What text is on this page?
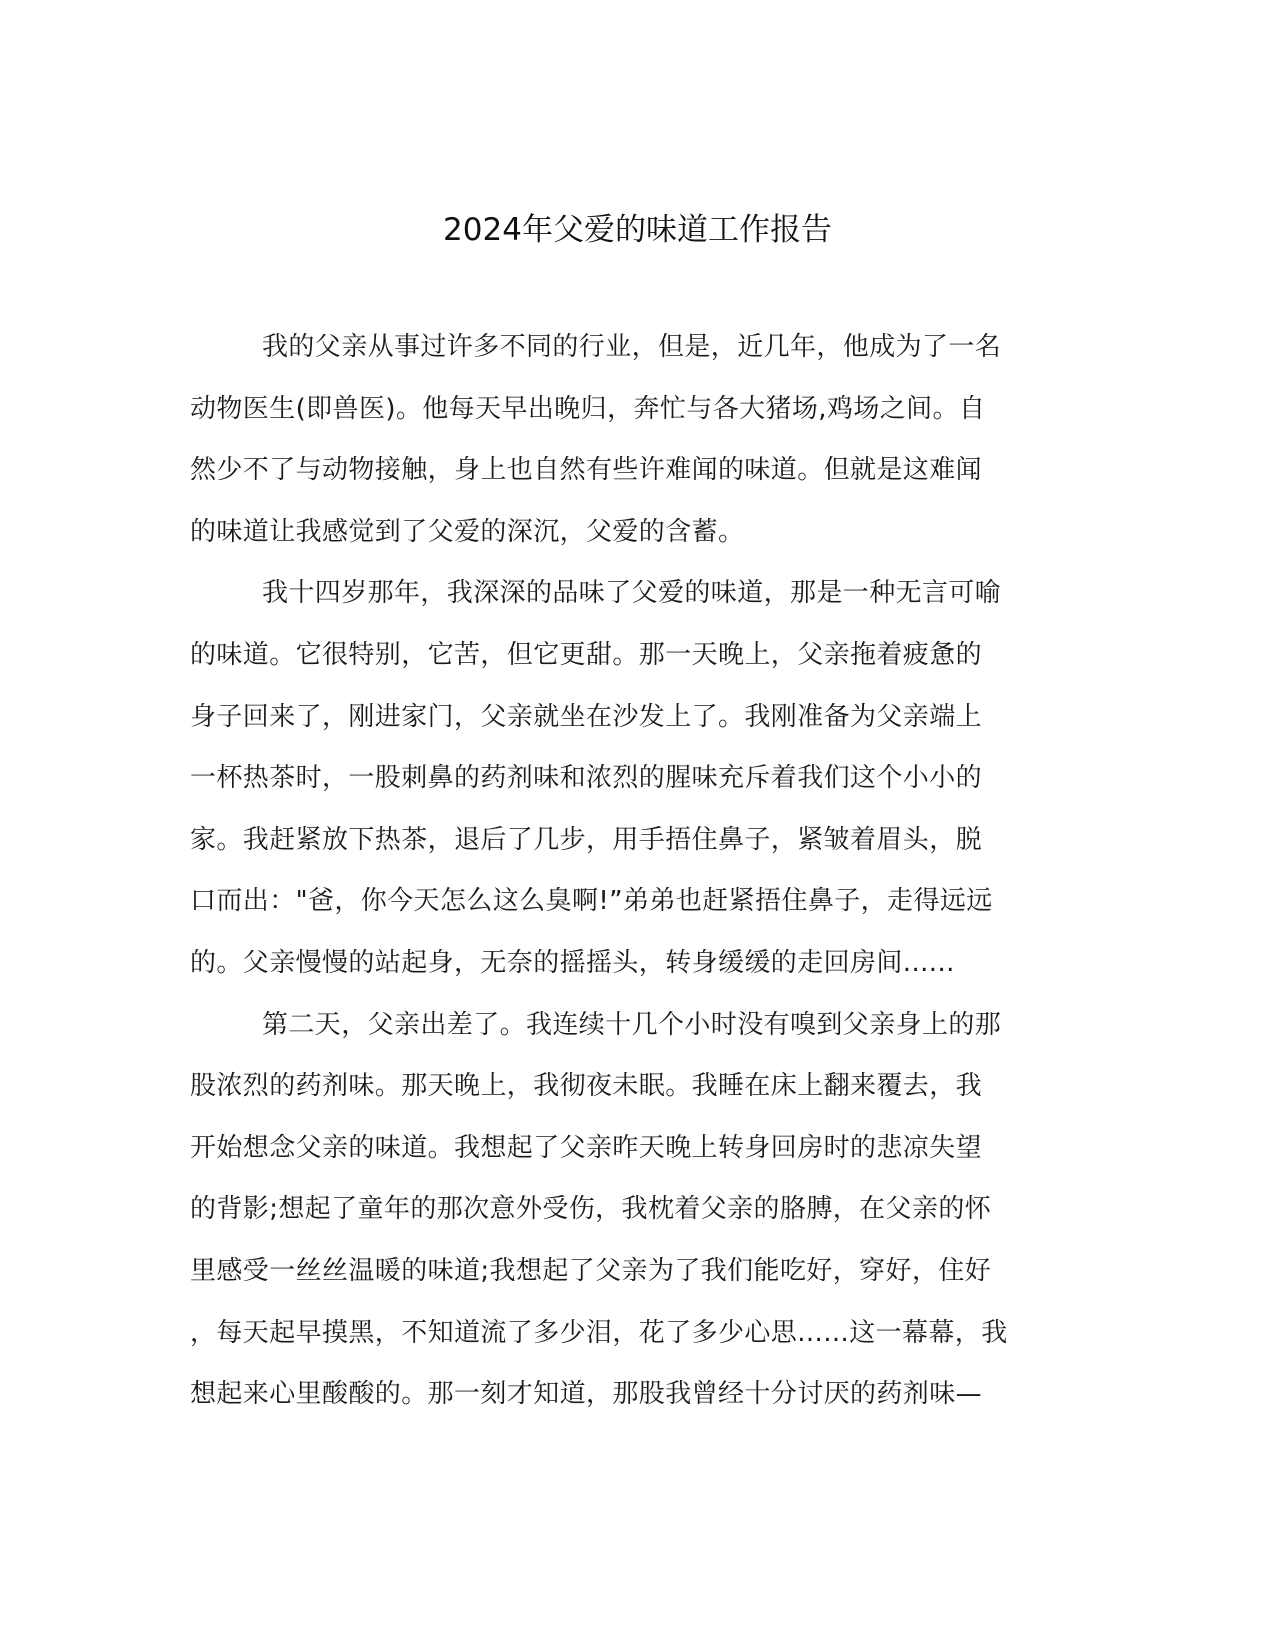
2024年父爱的味道工作报告
我的父亲从事过许多不同的行业，但是，近几年，他成为了一名
动物医生(即兽医)。他每天早出晚归，奔忙与各大猪场,鸡场之间。自
然少不了与动物接触，身上也自然有些许难闻的味道。但就是这难闻
的味道让我感觉到了父爱的深沉，父爱的含蓄。
我十四岁那年，我深深的品味了父爱的味道，那是一种无言可喻
的味道。它很特别，它苦，但它更甜。那一天晚上，父亲拖着疲惫的
身子回来了，刚进家门，父亲就坐在沙发上了。我刚准备为父亲端上
一杯热茶时，一股刺鼻的药剂味和浓烈的腥味充斥着我们这个小小的
家。我赶紧放下热茶，退后了几步，用手捂住鼻子，紧皱着眉头，脱
口而出："爸，你今天怎么这么臭啊!”弟弟也赶紧捂住鼻子，走得远远
的。父亲慢慢的站起身，无奈的摇摇头，转身缓缓的走回房间......
第二天，父亲出差了。我连续十几个小时没有嗅到父亲身上的那
股浓烈的药剂味。那天晚上，我彻夜未眠。我睡在床上翻来覆去，我
开始想念父亲的味道。我想起了父亲昨天晚上转身回房时的悲凉失望
的背影;想起了童年的那次意外受伤，我枕着父亲的胳膊，在父亲的怀
里感受一丝丝温暖的味道;我想起了父亲为了我们能吃好，穿好，住好
，每天起早摸黑，不知道流了多少泪，花了多少心思......这一幕幕，我
想起来心里酸酸的。那一刻才知道，那股我曾经十分讨厌的药剂味—
